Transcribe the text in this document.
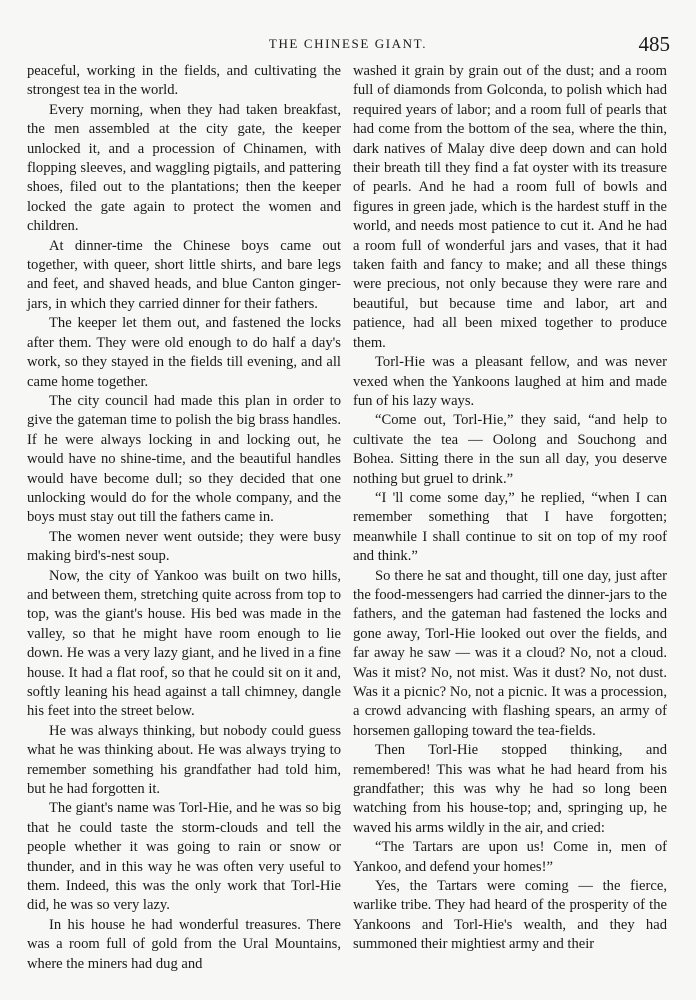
THE CHINESE GIANT.	485

peaceful, working in the fields, and cultivating the strongest tea in the world.

Every morning, when they had taken breakfast, the men assembled at the city gate, the keeper unlocked it, and a procession of Chinamen, with flopping sleeves, and waggling pigtails, and pattering shoes, filed out to the plantations; then the keeper locked the gate again to protect the women and children.

At dinner-time the Chinese boys came out together, with queer, short little shirts, and bare legs and feet, and shaved heads, and blue Canton ginger-jars, in which they carried dinner for their fathers.

The keeper let them out, and fastened the locks after them. They were old enough to do half a day's work, so they stayed in the fields till evening, and all came home together.

The city council had made this plan in order to give the gateman time to polish the big brass handles. If he were always locking in and locking out, he would have no shine-time, and the beautiful handles would have become dull; so they decided that one unlocking would do for the whole company, and the boys must stay out till the fathers came in.

The women never went outside; they were busy making bird's-nest soup.

Now, the city of Yankoo was built on two hills, and between them, stretching quite across from top to top, was the giant's house. His bed was made in the valley, so that he might have room enough to lie down. He was a very lazy giant, and he lived in a fine house. It had a flat roof, so that he could sit on it and, softly leaning his head against a tall chimney, dangle his feet into the street below.

He was always thinking, but nobody could guess what he was thinking about. He was always trying to remember something his grandfather had told him, but he had forgotten it.

The giant's name was Torl-Hie, and he was so big that he could taste the storm-clouds and tell the people whether it was going to rain or snow or thunder, and in this way he was often very useful to them. Indeed, this was the only work that Torl-Hie did, he was so very lazy.

In his house he had wonderful treasures. There was a room full of gold from the Ural Mountains, where the miners had dug and

washed it grain by grain out of the dust; and a room full of diamonds from Golconda, to polish which had required years of labor; and a room full of pearls that had come from the bottom of the sea, where the thin, dark natives of Malay dive deep down and can hold their breath till they find a fat oyster with its treasure of pearls. And he had a room full of bowls and figures in green jade, which is the hardest stuff in the world, and needs most patience to cut it. And he had a room full of wonderful jars and vases, that it had taken faith and fancy to make; and all these things were precious, not only because they were rare and beautiful, but because time and labor, art and patience, had all been mixed together to produce them.

Torl-Hie was a pleasant fellow, and was never vexed when the Yankoons laughed at him and made fun of his lazy ways.

“Come out, Torl-Hie,” they said, “and help to cultivate the tea — Oolong and Souchong and Bohea. Sitting there in the sun all day, you deserve nothing but gruel to drink.”

“I 'll come some day,” he replied, “when I can remember something that I have forgotten; meanwhile I shall continue to sit on top of my roof and think.”

So there he sat and thought, till one day, just after the food-messengers had carried the dinner-jars to the fathers, and the gateman had fastened the locks and gone away, Torl-Hie looked out over the fields, and far away he saw — was it a cloud? No, not a cloud. Was it mist? No, not mist. Was it dust? No, not dust. Was it a picnic? No, not a picnic. It was a procession, a crowd advancing with flashing spears, an army of horsemen galloping toward the tea-fields.

Then Torl-Hie stopped thinking, and remembered! This was what he had heard from his grandfather; this was why he had so long been watching from his house-top; and, springing up, he waved his arms wildly in the air, and cried:

“The Tartars are upon us! Come in, men of Yankoo, and defend your homes!”

Yes, the Tartars were coming — the fierce, warlike tribe. They had heard of the prosperity of the Yankoons and Torl-Hie's wealth, and they had summoned their mightiest army and their
